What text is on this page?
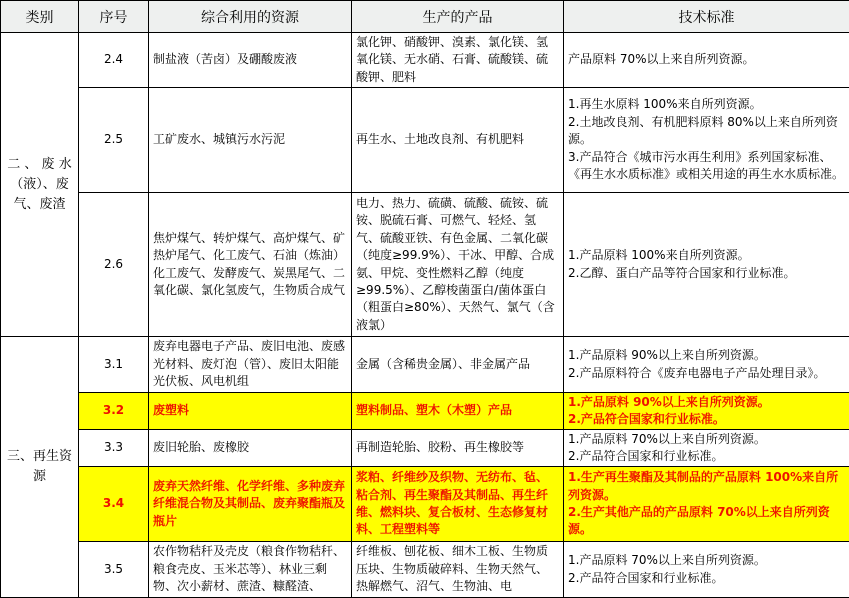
类别	序号	综合利用的资源	生产的产品	技术标准
二 、 废 水（液）、废气、废渣	2.4	制盐液（苦卤）及硼酸废液	氯化钾、硝酸钾、溴素、氯化镁、氢氧化镁、无水硝、石膏、硫酸镁、硫酸钾、肥料	产品原料 70%以上来自所列资源。
	2.5	工矿废水、城镇污水污泥	再生水、土地改良剂、有机肥料	1.再生水原料 100%来自所列资源。
2.土地改良剂、有机肥料原料 80%以上来自所列资源。
3.产品符合《城市污水再生利用》系列国家标准、《再生水水质标准》或相关用途的再生水水质标准。
	2.6	焦炉煤气、转炉煤气、高炉煤气、矿热炉尾气、化工废气、石油（炼油）化工废气、发酵废气、炭黑尾气、二氧化碳、氯化氢废气，生物质合成气	电力、热力、硫磺、硫酸、硫铵、硫铵、脱硫石膏、可燃气、轻烃、氢气、硫酸亚铁、有色金属、二氧化碳（纯度≥99.9%）、干冰、甲醇、合成氨、甲烷、变性燃料乙醇（纯度≥99.5%）、乙醇梭菌蛋白/菌体蛋白（粗蛋白≥80%）、天然气、氯气（含液氯）	1.产品原料 100%来自所列资源。
2.乙醇、蛋白产品等符合国家和行业标准。
三、再生资源	3.1	废弃电器电子产品、废旧电池、废感光材料、废灯泡（管）、废旧太阳能光伏板、风电机组	金属（含稀贵金属）、非金属产品	1.产品原料 90%以上来自所列资源。
2.产品原料符合《废弃电器电子产品处理目录》。
	3.2	废塑料	塑料制品、塑木（木塑）产品	1.产品原料 90%以上来自所列资源。
2.产品符合国家和行业标准。
	3.3	废旧轮胎、废橡胶	再制造轮胎、胶粉、再生橡胶等	1.产品原料 70%以上来自所列资源。
2.产品符合国家和行业标准。
	3.4	废弃天然纤维、化学纤维、多种废弃纤维混合物及其制品、废弃聚酯瓶及瓶片	浆粕、纤维纱及织物、无纺布、毡、粘合剂、再生聚酯及其制品、再生纤维、燃料块、复合板材、生态修复材料、工程塑料等	1.生产再生聚酯及其制品的产品原料 100%来自所列资源。
2.生产其他产品的产品原料 70%以上来自所列资源。
	3.5	农作物秸秆及壳皮（粮食作物秸秆、粮食壳皮、玉米芯等）、林业三剩物、次小薪材、蔗渣、糠醛渣、	纤维板、刨花板、细木工板、生物质压块、生物质破碎料、生物天然气、热解燃气、沼气、生物油、电	1.产品原料 70%以上来自所列资源。
2.产品符合国家和行业标准。
